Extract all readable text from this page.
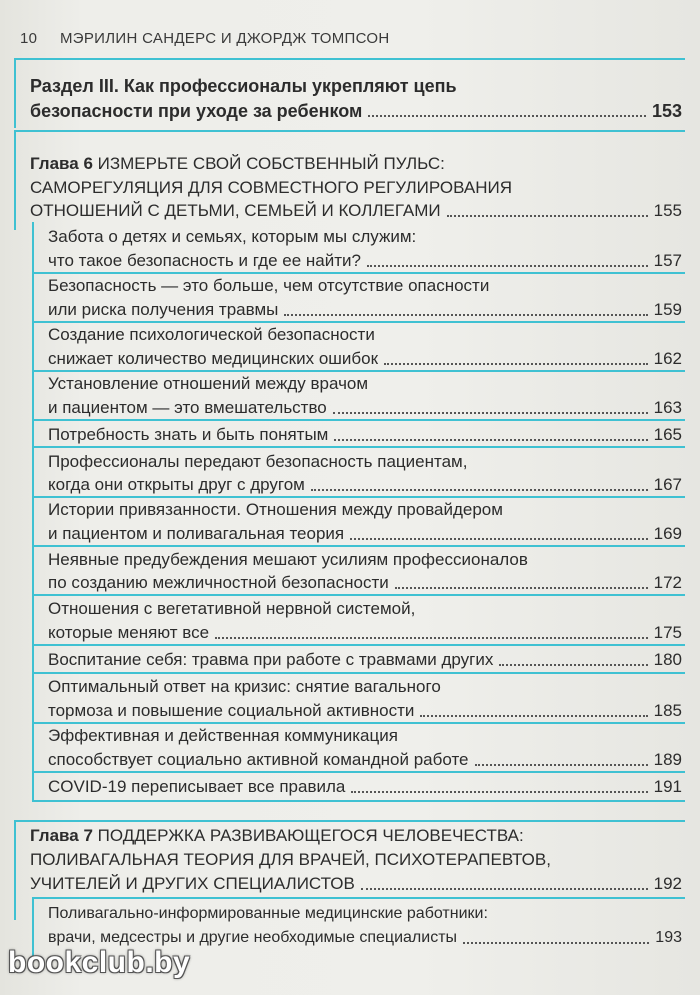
10 МЭРИЛИН САНДЕРС И ДЖОРДЖ ТОМПСОН
Раздел III. Как профессионалы укрепляют цепь
безопасности при уходе за ребенком	153
Глава 6 ИЗМЕРЬТЕ СВОЙ СОБСТВЕННЫЙ ПУЛЬС:
САМОРЕГУЛЯЦИЯ ДЛЯ СОВМЕСТНОГО РЕГУЛИРОВАНИЯ
ОТНОШЕНИЙ С ДЕТЬМИ, СЕМЬЕЙ И КОЛЛЕГАМИ	155
Забота о детях и семьях, которым мы служим:
что такое безопасность и где ее найти?	157
Безопасность — это больше, чем отсутствие опасности
или риска получения травмы	159
Создание психологической безопасности
снижает количество медицинских ошибок	162
Установление отношений между врачом
и пациентом — это вмешательство	163
Потребность знать и быть понятым	165
Профессионалы передают безопасность пациентам,
когда они открыты друг с другом	167
Истории привязанности. Отношения между провайдером
и пациентом и поливагальная теория	169
Неявные предубеждения мешают усилиям профессионалов
по созданию межличностной безопасности	172
Отношения с вегетативной нервной системой,
которые меняют все	175
Воспитание себя: травма при работе с травмами других	180
Оптимальный ответ на кризис: снятие вагального
тормоза и повышение социальной активности	185
Эффективная и действенная коммуникация
способствует социально активной командной работе	189
COVID-19 переписывает все правила	191
Глава 7 ПОДДЕРЖКА РАЗВИВАЮЩЕГОСЯ ЧЕЛОВЕЧЕСТВА:
ПОЛИВАГАЛЬНАЯ ТЕОРИЯ ДЛЯ ВРАЧЕЙ, ПСИХОТЕРАПЕВТОВ,
УЧИТЕЛЕЙ И ДРУГИХ СПЕЦИАЛИСТОВ	192
Поливагально-информированные медицинские работники:
врачи, медсестры и другие необходимые специалисты	193
bookclub.by
